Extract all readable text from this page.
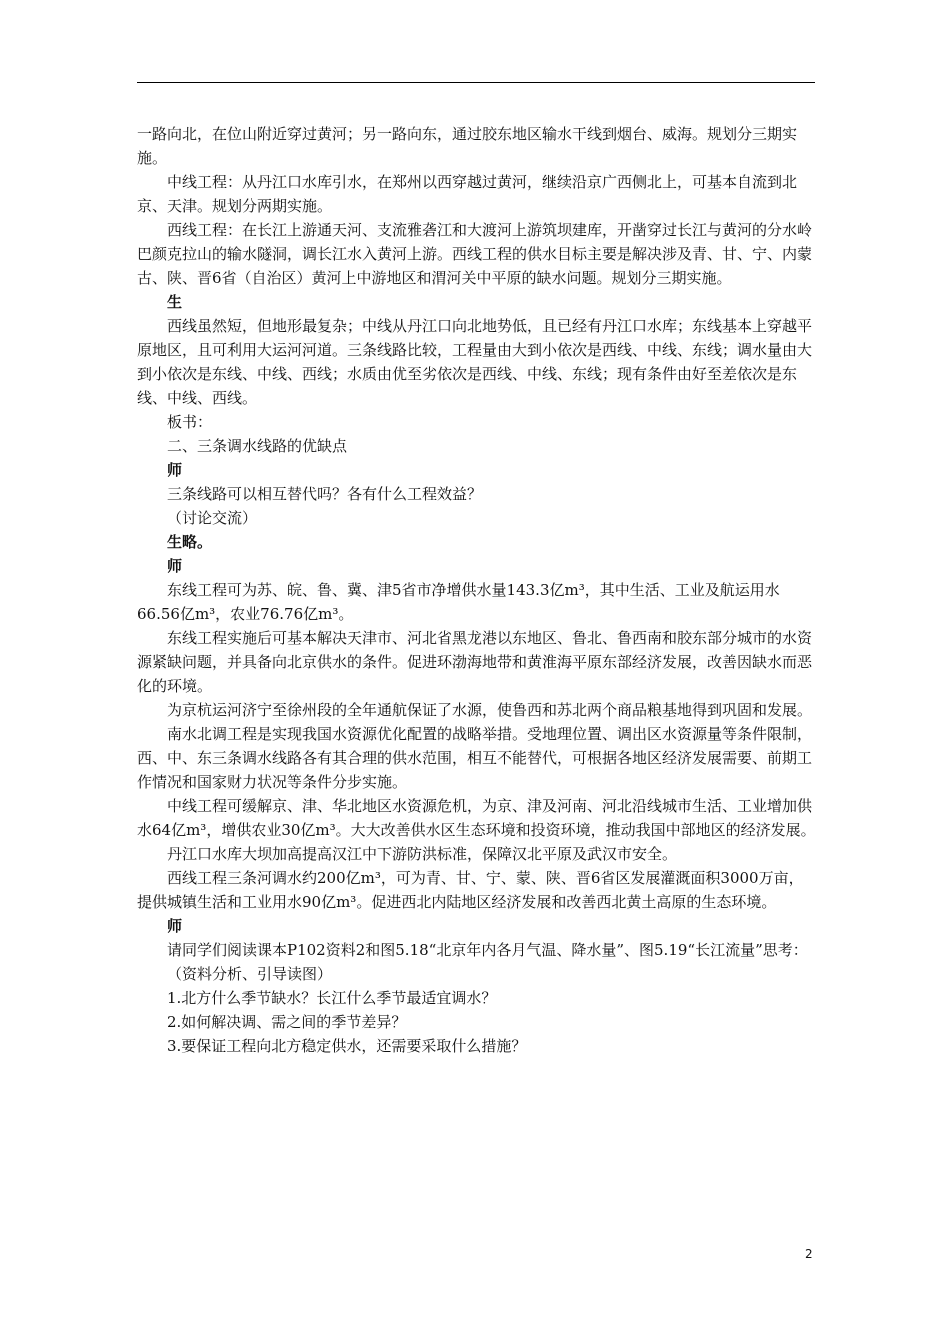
一路向北，在位山附近穿过黄河；另一路向东，通过胶东地区输水干线到烟台、威海。规划分三期实施。

中线工程：从丹江口水库引水，在郑州以西穿越过黄河，继续沿京广西侧北上，可基本自流到北京、天津。规划分两期实施。

西线工程：在长江上游通天河、支流雅砻江和大渡河上游筑坝建库，开凿穿过长江与黄河的分水岭巴颜克拉山的输水隧洞，调长江水入黄河上游。西线工程的供水目标主要是解决涉及青、甘、宁、内蒙古、陕、晋6省（自治区）黄河上中游地区和渭河关中平原的缺水问题。规划分三期实施。

生

西线虽然短，但地形最复杂；中线从丹江口向北地势低，且已经有丹江口水库；东线基本上穿越平原地区，且可利用大运河河道。三条线路比较，工程量由大到小依次是西线、中线、东线；调水量由大到小依次是东线、中线、西线；水质由优至劣依次是西线、中线、东线；现有条件由好至差依次是东线、中线、西线。

板书：

二、三条调水线路的优缺点

师

三条线路可以相互替代吗？各有什么工程效益？

（讨论交流）

生略。

师

东线工程可为苏、皖、鲁、冀、津5省市净增供水量143.3亿m³，其中生活、工业及航运用水66.56亿m³，农业76.76亿m³。

东线工程实施后可基本解决天津市、河北省黑龙港以东地区、鲁北、鲁西南和胶东部分城市的水资源紧缺问题，并具备向北京供水的条件。促进环渤海地带和黄淮海平原东部经济发展，改善因缺水而恶化的环境。

为京杭运河济宁至徐州段的全年通航保证了水源，使鲁西和苏北两个商品粮基地得到巩固和发展。

南水北调工程是实现我国水资源优化配置的战略举措。受地理位置、调出区水资源量等条件限制，西、中、东三条调水线路各有其合理的供水范围，相互不能替代，可根据各地区经济发展需要、前期工作情况和国家财力状况等条件分步实施。

中线工程可缓解京、津、华北地区水资源危机，为京、津及河南、河北沿线城市生活、工业增加供水64亿m³，增供农业30亿m³。大大改善供水区生态环境和投资环境，推动我国中部地区的经济发展。

丹江口水库大坝加高提高汉江中下游防洪标准，保障汉北平原及武汉市安全。

西线工程三条河调水约200亿m³，可为青、甘、宁、蒙、陕、晋6省区发展灌溉面积3000万亩，提供城镇生活和工业用水90亿m³。促进西北内陆地区经济发展和改善西北黄土高原的生态环境。

师

请同学们阅读课本P102资料2和图5.18“北京年内各月气温、降水量”、图5.19“长江流量”思考：

（资料分析、引导读图）

1.北方什么季节缺水？长江什么季节最适宜调水？

2.如何解决调、需之间的季节差异？

3.要保证工程向北方稳定供水，还需要采取什么措施？

2
